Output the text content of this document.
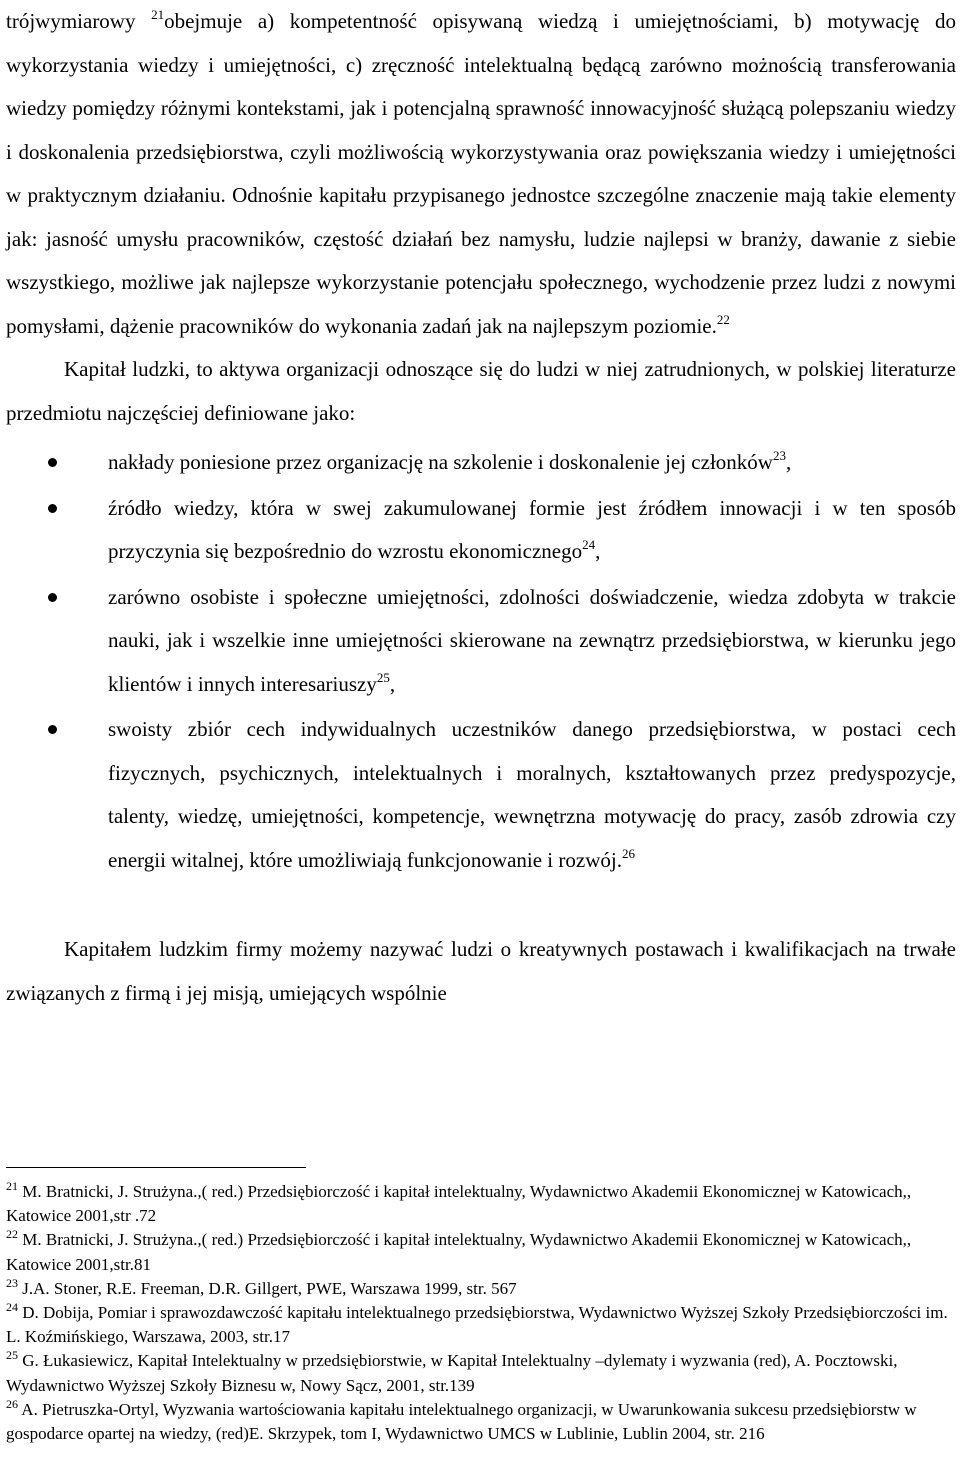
trójwymiarowy $^{21}$obejmuje a) kompetentność opisywaną wiedzą i umiejętnościami, b) motywację do wykorzystania wiedzy i umiejętności, c) zręczność intelektualną będącą zarówno możnością transferowania wiedzy pomiędzy różnymi kontekstami, jak i potencjalną sprawność innowacyjność służącą polepszaniu wiedzy i doskonalenia przedsiębiorstwa, czyli możliwością wykorzystywania oraz powiększania wiedzy i umiejętności w praktycznym działaniu. Odnośnie kapitału przypisanego jednostce szczególne znaczenie mają takie elementy jak: jasność umysłu pracowników, częstość działań bez namysłu, ludzie najlepsi w branży, dawanie z siebie wszystkiego, możliwe jak najlepsze wykorzystanie potencjału społecznego, wychodzenie przez ludzi z nowymi pomysłami, dążenie pracowników do wykonania zadań jak na najlepszym poziomie.$^{22}$

Kapitał ludzki, to aktywa organizacji odnoszące się do ludzi w niej zatrudnionych, w polskiej literaturze przedmiotu najczęściej definiowane jako:

nakłady poniesione przez organizację na szkolenie i doskonalenie jej członków$^{23}$,
źródło wiedzy, która w swej zakumulowanej formie jest źródłem innowacji i w ten sposób przyczynia się bezpośrednio do wzrostu ekonomicznego$^{24}$,
zarówno osobiste i społeczne umiejętności, zdolności doświadczenie, wiedza zdobyta w trakcie nauki, jak i wszelkie inne umiejętności skierowane na zewnątrz przedsiębiorstwa, w kierunku jego klientów i innych interesariuszy$^{25}$,
swoisty zbiór cech indywidualnych uczestników danego przedsiębiorstwa, w postaci cech fizycznych, psychicznych, intelektualnych i moralnych, kształtowanych przez predyspozycje, talenty, wiedzę, umiejętności, kompetencje, wewnętrzna motywację do pracy, zasób zdrowia czy energii witalnej, które umożliwiają funkcjonowanie i rozwój.$^{26}$

Kapitałem ludzkim firmy możemy nazywać ludzi o kreatywnych postawach i kwalifikacjach na trwałe związanych z firmą i jej misją, umiejących wspólnie

$^{21}$ M. Bratnicki, J. Strużyna.,( red.) Przedsiębiorczość i kapitał intelektualny, Wydawnictwo Akademii Ekonomicznej w Katowicach,, Katowice 2001,str .72

$^{22}$ M. Bratnicki, J. Strużyna.,( red.) Przedsiębiorczość i kapitał intelektualny, Wydawnictwo Akademii Ekonomicznej w Katowicach,, Katowice 2001,str.81

$^{23}$ J.A. Stoner, R.E. Freeman, D.R. Gillgert, PWE, Warszawa 1999, str. 567

$^{24}$ D. Dobija, Pomiar i sprawozdawczość kapitału intelektualnego przedsiębiorstwa, Wydawnictwo Wyższej Szkoły Przedsiębiorczości im. L. Koźmińskiego, Warszawa, 2003, str.17

$^{25}$ G. Łukasiewicz, Kapitał Intelektualny w przedsiębiorstwie, w Kapitał Intelektualny –dylematy i wyzwania (red), A. Pocztowski, Wydawnictwo Wyższej Szkoły Biznesu w, Nowy Sącz, 2001, str.139

$^{26}$ A. Pietruszka-Ortyl, Wyzwania wartościowania kapitału intelektualnego organizacji, w Uwarunkowania sukcesu przedsiębiorstw w gospodarce opartej na wiedzy, (red)E. Skrzypek, tom I, Wydawnictwo UMCS w Lublinie, Lublin 2004, str. 216
